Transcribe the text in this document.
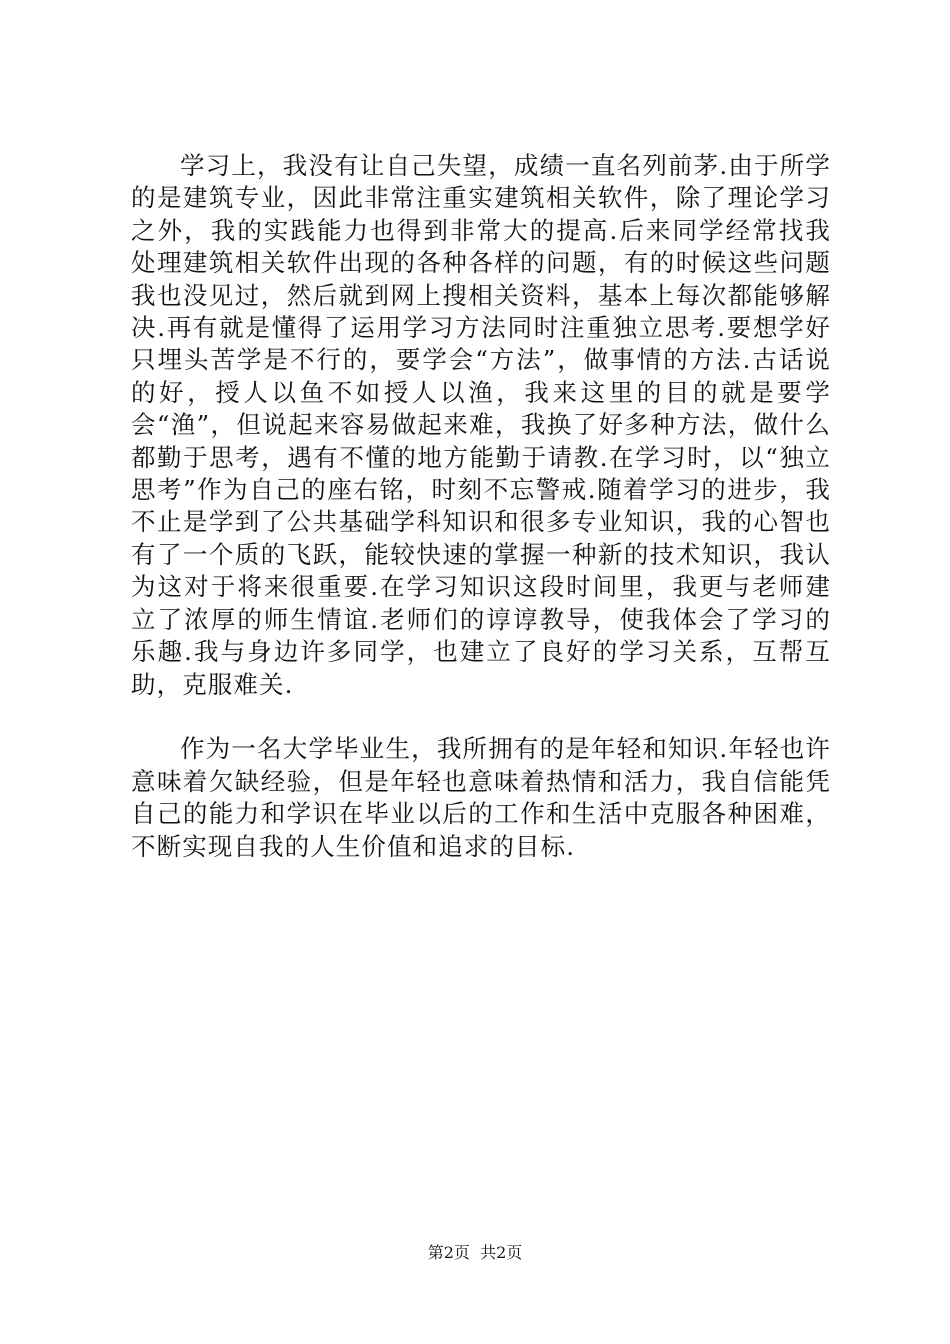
学习上，我没有让自己失望，成绩一直名列前茅.由于所学的是建筑专业，因此非常注重实建筑相关软件，除了理论学习之外，我的实践能力也得到非常大的提高.后来同学经常找我处理建筑相关软件出现的各种各样的问题，有的时候这些问题我也没见过，然后就到网上搜相关资料，基本上每次都能够解决.再有就是懂得了运用学习方法同时注重独立思考.要想学好只埋头苦学是不行的，要学会“方法”，做事情的方法.古话说的好，授人以鱼不如授人以渔，我来这里的目的就是要学会“渔”，但说起来容易做起来难，我换了好多种方法，做什么都勤于思考，遇有不懂的地方能勤于请教.在学习时，以“独立思考”作为自己的座右铭，时刻不忘警戒.随着学习的进步，我不止是学到了公共基础学科知识和很多专业知识，我的心智也有了一个质的飞跃，能较快速的掌握一种新的技术知识，我认为这对于将来很重要.在学习知识这段时间里，我更与老师建立了浓厚的师生情谊.老师们的谆谆教导，使我体会了学习的乐趣.我与身边许多同学，也建立了良好的学习关系，互帮互助，克服难关.

作为一名大学毕业生，我所拥有的是年轻和知识.年轻也许意味着欠缺经验，但是年轻也意味着热情和活力，我自信能凭自己的能力和学识在毕业以后的工作和生活中克服各种困难，不断实现自我的人生价值和追求的目标.

第2页  共2页
